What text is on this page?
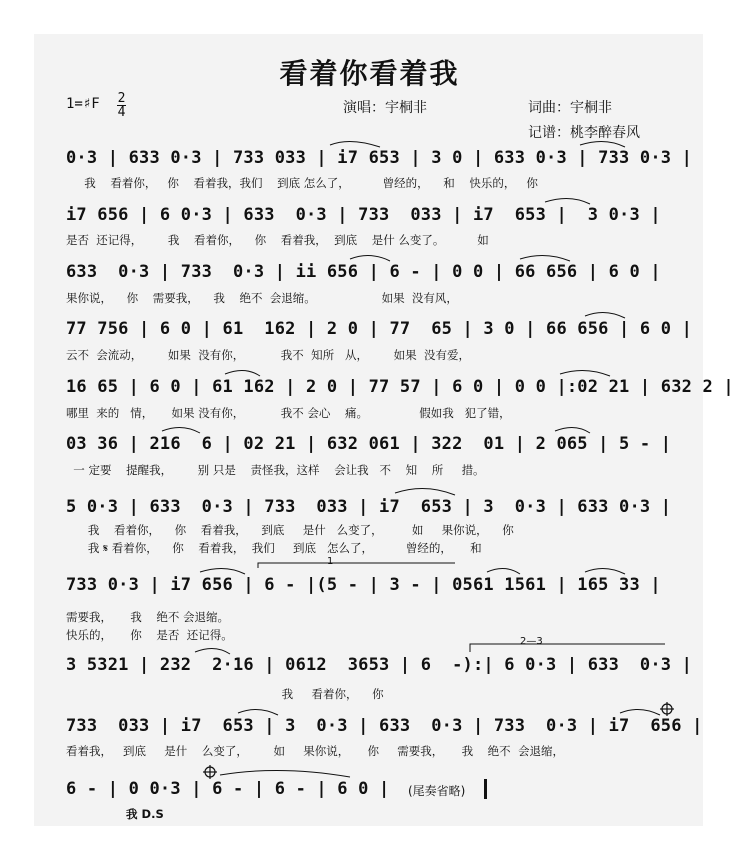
看着你看着我
1=♯F 2
4	演唱：宇桐非	词曲：宇桐非
记谱：桃李醉春风
0·3 | 633 0·3 | 733 033 | i7 653 | 3 0 | 633 0·3 | 733 0·3 |
我    看着你，   你    看着我，我们    到底 怎么了，         曾经的，    和    快乐的，   你
i7 656 | 6 0·3 | 633  0·3 | 733  033 | i7  653 |  3 0·3 |
是否  还记得，       我    看着你，    你    看着我，  到底    是什 么变了。         如
633  0·3 | 733  0·3 | ii 656 | 6 - | 0 0 | 66 656 | 6 0 |
果你说，    你    需要我，    我    绝不  会退缩。                  如果  没有风，
77 756 | 6 0 | 61  162 | 2 0 | 77  65 | 3 0 | 66 656 | 6 0 |
云不  会流动，       如果  没有你，          我不  知所   从，       如果  没有爱，
16 65 | 6 0 | 61 162 | 2 0 | 77 57 | 6 0 | 0 0 |:02 21 | 632 2 |
哪里  来的   情，     如果 没有你，          我不 会心    痛。              假如我   犯了错，
03 36 | 216  6 | 02 21 | 632 061 | 322  01 | 2 065 | 5 - |
一 定要    提醒我，       别 只是    责怪我，这样    会让我   不    知    所     措。
5 0·3 | 633  0·3 | 733  033 | i7  653 | 3  0·3 | 633 0·3 |
我    看着你，    你    看着我，    到底     是什   么变了，        如     果你说，    你
我 𝄋 看着你，    你    看着我，  我们     到底   怎么了，         曾经的，     和
733 0·3 | i7 656 | 6 - |(5 - | 3 - | 0561 1561 | 165 33 |
需要我，     我    绝不 会退缩。
快乐的，     你    是否  还记得。
3 5321 | 232  2·16 | 0612  3653 | 6  -):| 6 0·3 | 633  0·3 |
我     看着你，    你
733  033 | i7  653 | 3  0·3 | 633  0·3 | 733  0·3 | i7  656 |
看着我，   到底     是什    么变了，       如     果你说，     你     需要我，     我    绝不  会退缩，
6 - | 0 0·3 | 6 - | 6 - | 6 0 |
我 D.S
(尾奏省略)
1
2—3
